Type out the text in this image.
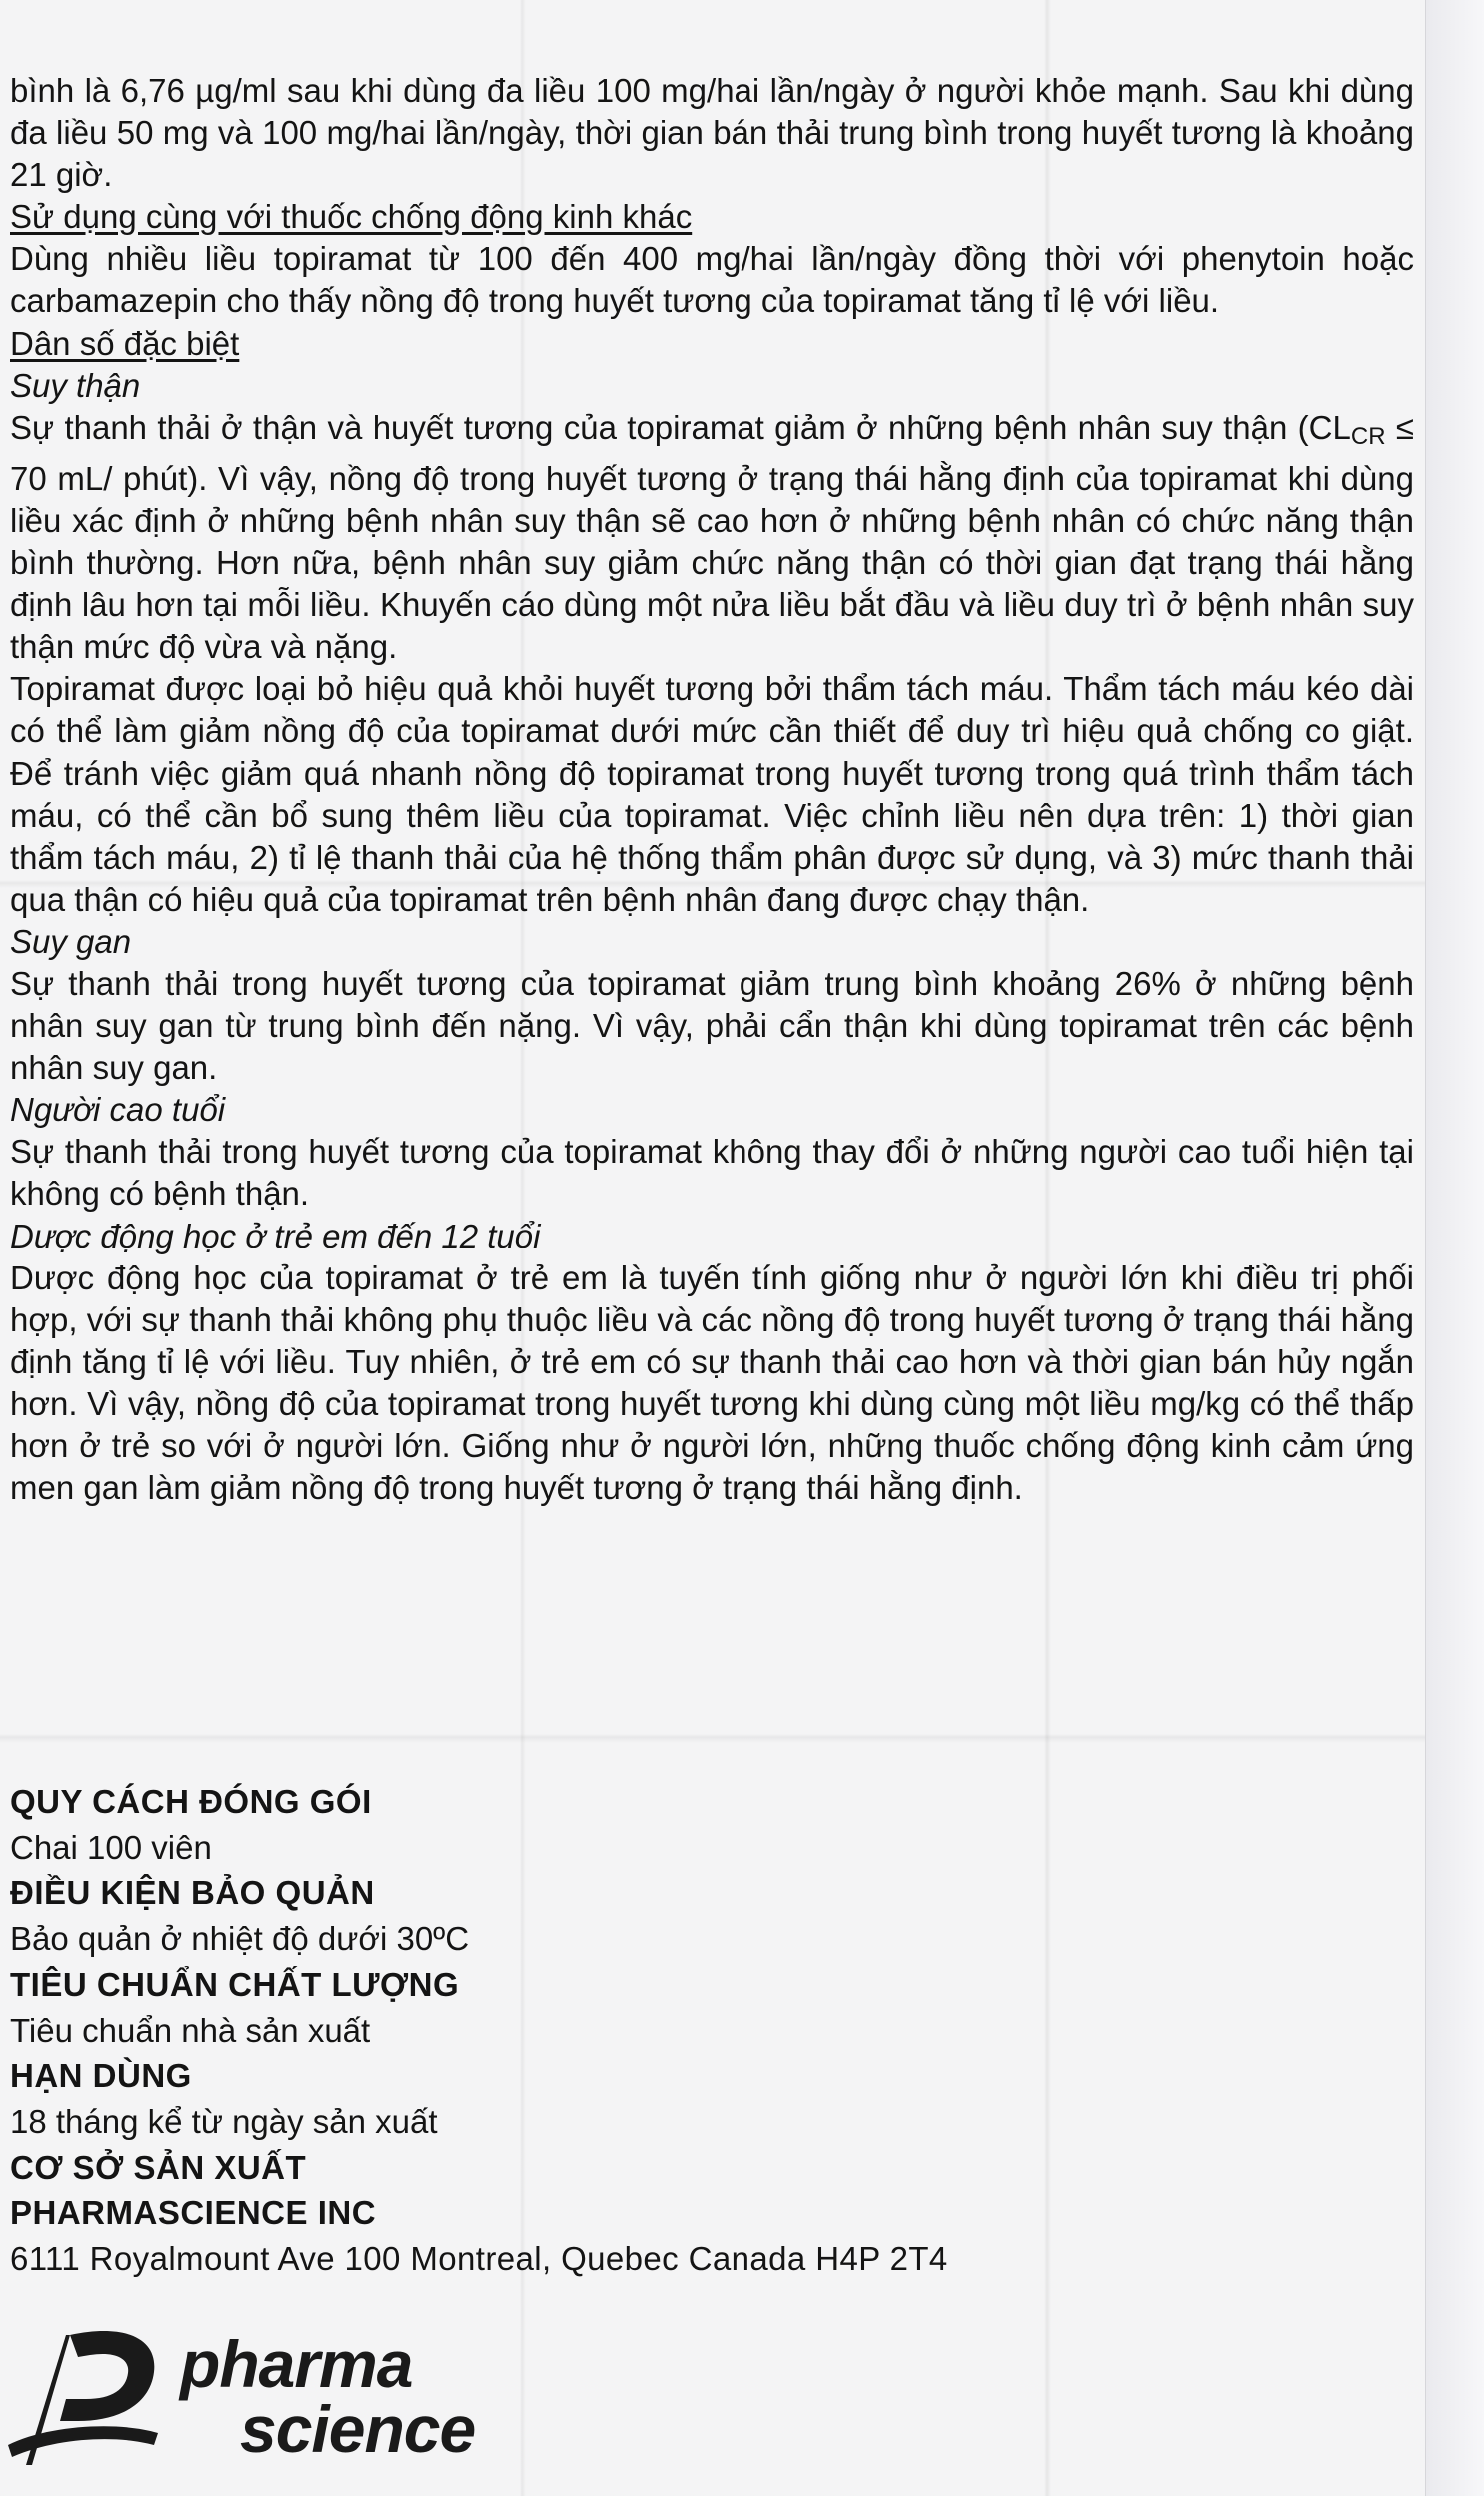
bình là 6,76 µg/ml sau khi dùng đa liều 100 mg/hai lần/ngày ở người khỏe mạnh. Sau khi dùng đa liều 50 mg và 100 mg/hai lần/ngày, thời gian bán thải trung bình trong huyết tương là khoảng 21 giờ.

Sử dụng cùng với thuốc chống động kinh khác

Dùng nhiều liều topiramat từ 100 đến 400 mg/hai lần/ngày đồng thời với phenytoin hoặc carbamazepin cho thấy nồng độ trong huyết tương của topiramat tăng tỉ lệ với liều.

Dân số đặc biệt

Suy thận

Sự thanh thải ở thận và huyết tương của topiramat giảm ở những bệnh nhân suy thận ($CL_{CR} \le 70$ mL/ phút). Vì vậy, nồng độ trong huyết tương ở trạng thái hằng định của topiramat khi dùng liều xác định ở những bệnh nhân suy thận sẽ cao hơn ở những bệnh nhân có chức năng thận bình thường. Hơn nữa, bệnh nhân suy giảm chức năng thận có thời gian đạt trạng thái hằng định lâu hơn tại mỗi liều. Khuyến cáo dùng một nửa liều bắt đầu và liều duy trì ở bệnh nhân suy thận mức độ vừa và nặng.

Topiramat được loại bỏ hiệu quả khỏi huyết tương bởi thẩm tách máu. Thẩm tách máu kéo dài có thể làm giảm nồng độ của topiramat dưới mức cần thiết để duy trì hiệu quả chống co giật. Để tránh việc giảm quá nhanh nồng độ topiramat trong huyết tương trong quá trình thẩm tách máu, có thể cần bổ sung thêm liều của topiramat. Việc chỉnh liều nên dựa trên: 1) thời gian thẩm tách máu, 2) tỉ lệ thanh thải của hệ thống thẩm phân được sử dụng, và 3) mức thanh thải qua thận có hiệu quả của topiramat trên bệnh nhân đang được chạy thận.

Suy gan

Sự thanh thải trong huyết tương của topiramat giảm trung bình khoảng 26% ở những bệnh nhân suy gan từ trung bình đến nặng. Vì vậy, phải cẩn thận khi dùng topiramat trên các bệnh nhân suy gan.

Người cao tuổi

Sự thanh thải trong huyết tương của topiramat không thay đổi ở những người cao tuổi hiện tại không có bệnh thận.

Dược động học ở trẻ em đến 12 tuổi

Dược động học của topiramat ở trẻ em là tuyến tính giống như ở người lớn khi điều trị phối hợp, với sự thanh thải không phụ thuộc liều và các nồng độ trong huyết tương ở trạng thái hằng định tăng tỉ lệ với liều. Tuy nhiên, ở trẻ em có sự thanh thải cao hơn và thời gian bán hủy ngắn hơn. Vì vậy, nồng độ của topiramat trong huyết tương khi dùng cùng một liều mg/kg có thể thấp hơn ở trẻ so với ở người lớn. Giống như ở người lớn, những thuốc chống động kinh cảm ứng men gan làm giảm nồng độ trong huyết tương ở trạng thái hằng định.

QUY CÁCH ĐÓNG GÓI

Chai 100 viên

ĐIỀU KIỆN BẢO QUẢN

Bảo quản ở nhiệt độ dưới 30ºC

TIÊU CHUẨN CHẤT LƯỢNG

Tiêu chuẩn nhà sản xuất

HẠN DÙNG

18 tháng kể từ ngày sản xuất

CƠ SỞ SẢN XUẤT

PHARMASCIENCE INC

6111 Royalmount Ave 100 Montreal, Quebec Canada H4P 2T4

pharma
science
